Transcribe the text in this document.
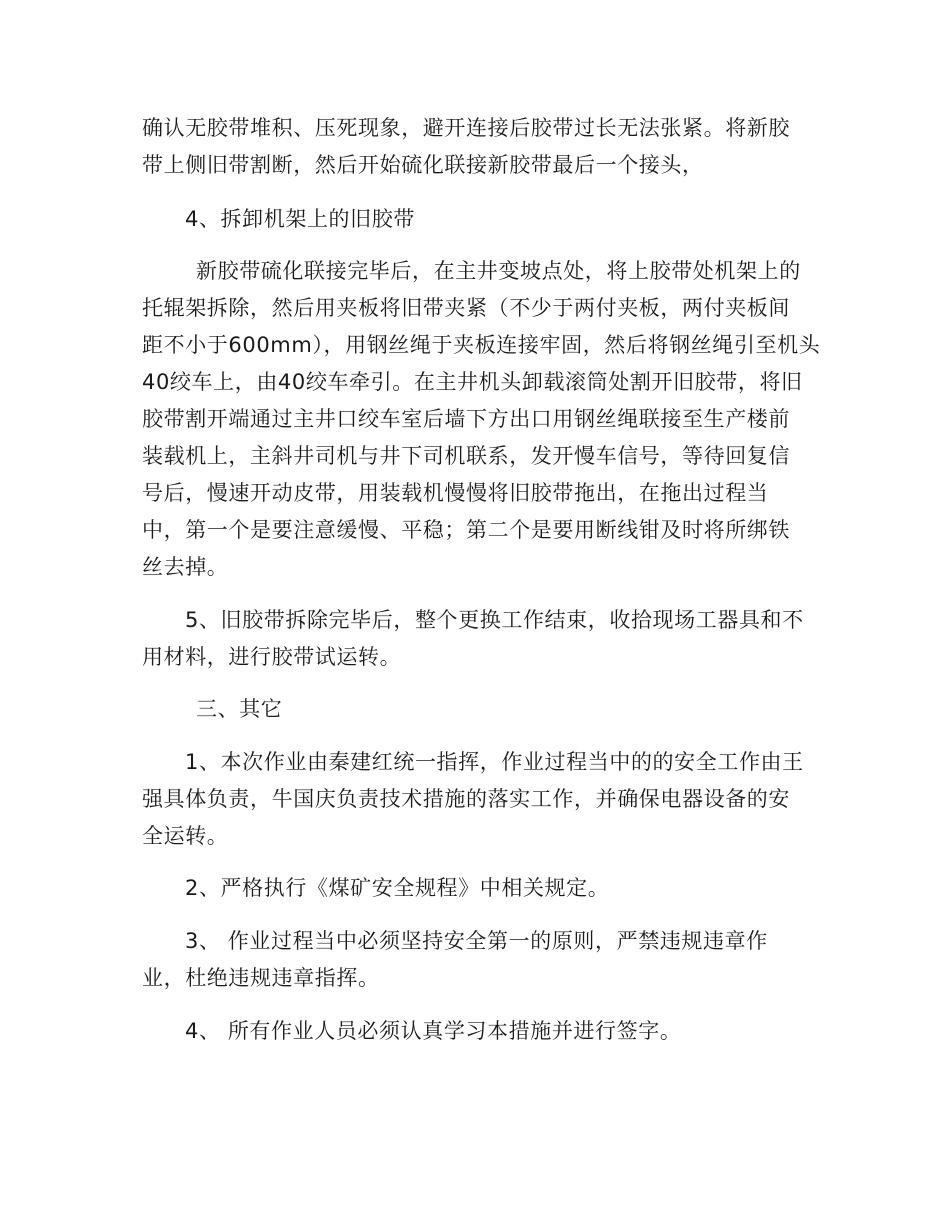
确认无胶带堆积、压死现象，避开连接后胶带过长无法张紧。将新胶
带上侧旧带割断，然后开始硫化联接新胶带最后一个接头，
4、拆卸机架上的旧胶带
新胶带硫化联接完毕后，在主井变坡点处，将上胶带处机架上的
托辊架拆除，然后用夹板将旧带夹紧（不少于两付夹板，两付夹板间
距不小于600mm），用钢丝绳于夹板连接牢固，然后将钢丝绳引至机头
40绞车上，由40绞车牵引。在主井机头卸载滚筒处割开旧胶带，将旧
胶带割开端通过主井口绞车室后墙下方出口用钢丝绳联接至生产楼前
装载机上，主斜井司机与井下司机联系，发开慢车信号，等待回复信
号后，慢速开动皮带，用装载机慢慢将旧胶带拖出，在拖出过程当
中，第一个是要注意缓慢、平稳；第二个是要用断线钳及时将所绑铁
丝去掉。
5、旧胶带拆除完毕后，整个更换工作结束，收拾现场工器具和不
用材料，进行胶带试运转。
三、其它
1、本次作业由秦建红统一指挥，作业过程当中的的安全工作由王
强具体负责，牛国庆负责技术措施的落实工作，并确保电器设备的安
全运转。
2、严格执行《煤矿安全规程》中相关规定。
3、 作业过程当中必须坚持安全第一的原则，严禁违规违章作
业，杜绝违规违章指挥。
4、 所有作业人员必须认真学习本措施并进行签字。
